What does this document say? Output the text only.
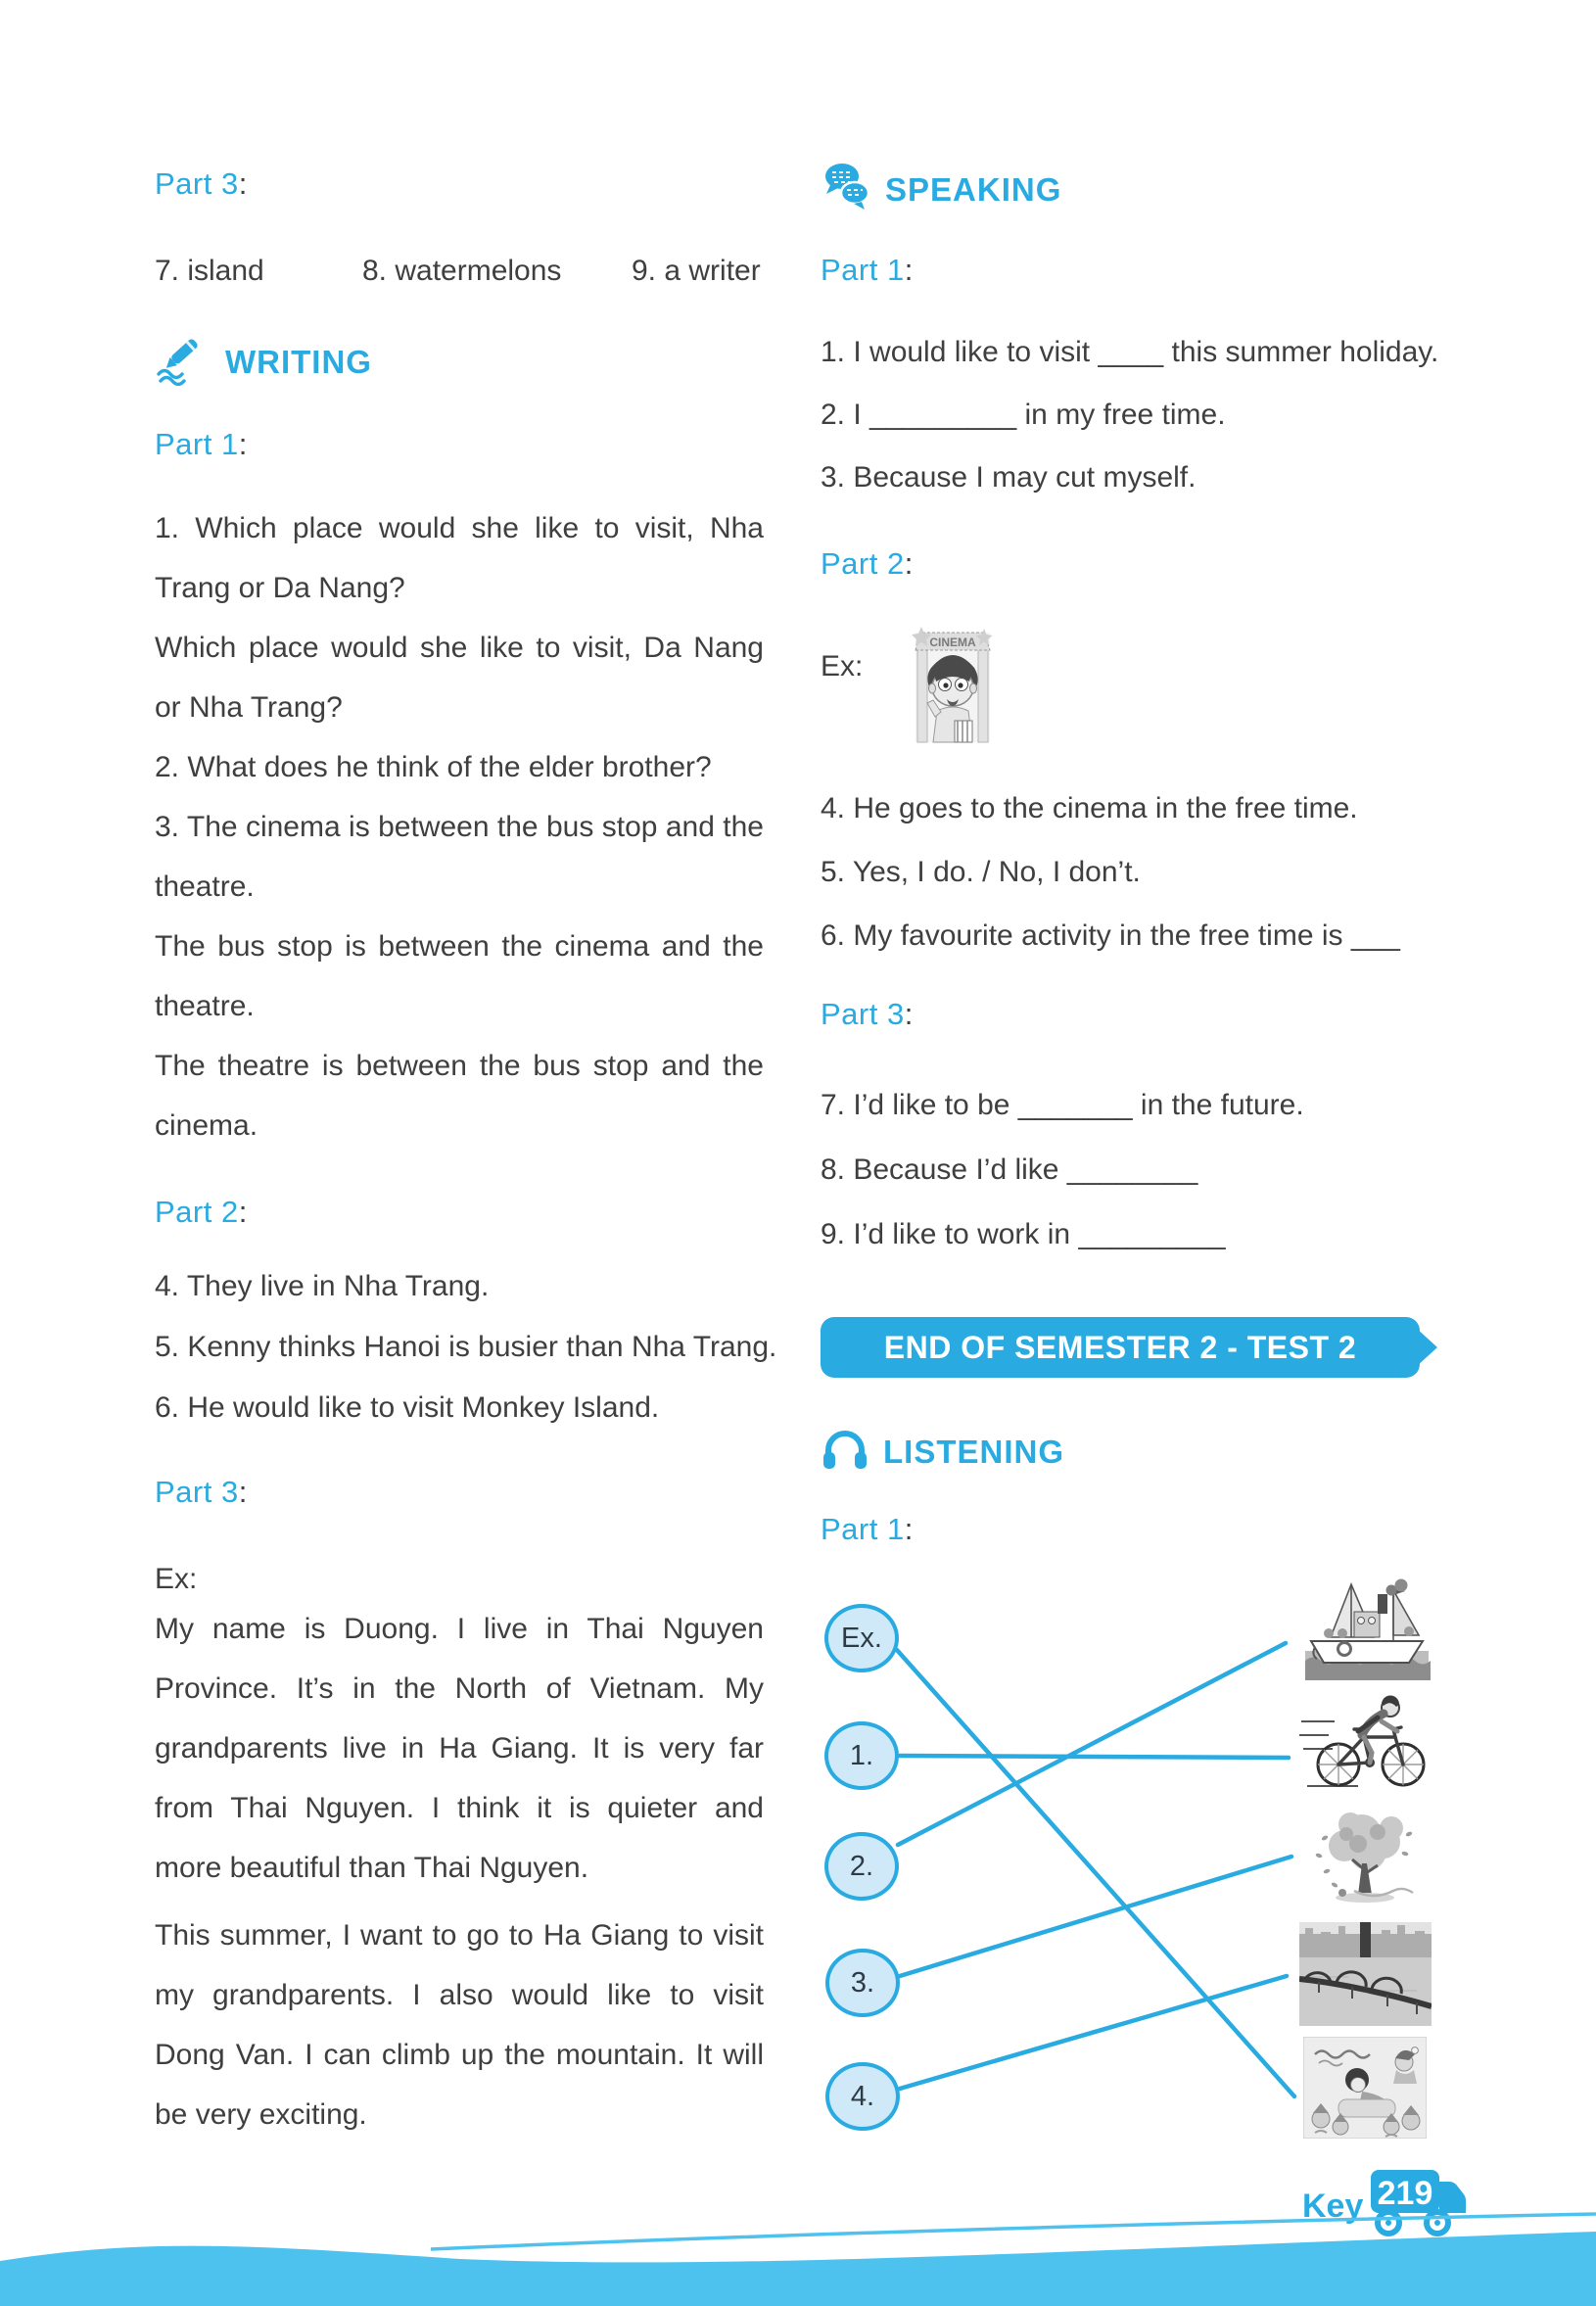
Part 3:
7. island	8. watermelons	9. a writer
WRITING
Part 1:

1. Which place would she like to visit, Nha Trang or Da Nang?

Which place would she like to visit, Da Nang or Nha Trang?

2. What does he think of the elder brother?

3. The cinema is between the bus stop and the theatre.

The bus stop is between the cinema and the theatre.

The theatre is between the bus stop and the cinema.

Part 2:

4. They live in Nha Trang.

5. Kenny thinks Hanoi is busier than Nha Trang.

6. He would like to visit Monkey Island.

Part 3:
Ex:

My name is Duong. I live in Thai Nguyen Province. It’s in the North of Vietnam. My grandparents live in Ha Giang. It is very far from Thai Nguyen. I think it is quieter and more beautiful than Thai Nguyen.

This summer, I want to go to Ha Giang to visit my grandparents. I also would like to visit Dong Van. I can climb up the mountain. It will be very exciting.

SPEAKING
Part 1:

1. I would like to visit ____ this summer holiday.

2. I _________ in my free time.

3. Because I may cut myself.

Part 2:
Ex:
CINEMA

4. He goes to the cinema in the free time.

5. Yes, I do. / No, I don’t.

6. My favourite activity in the free time is ___

Part 3:

7. I’d like to be _______ in the future.

8. Because I’d like ________

9. I’d like to work in _________

END OF SEMESTER 2 - TEST 2
LISTENING
Part 1:
Ex.
1.
2.
3.
4.
Key 219
